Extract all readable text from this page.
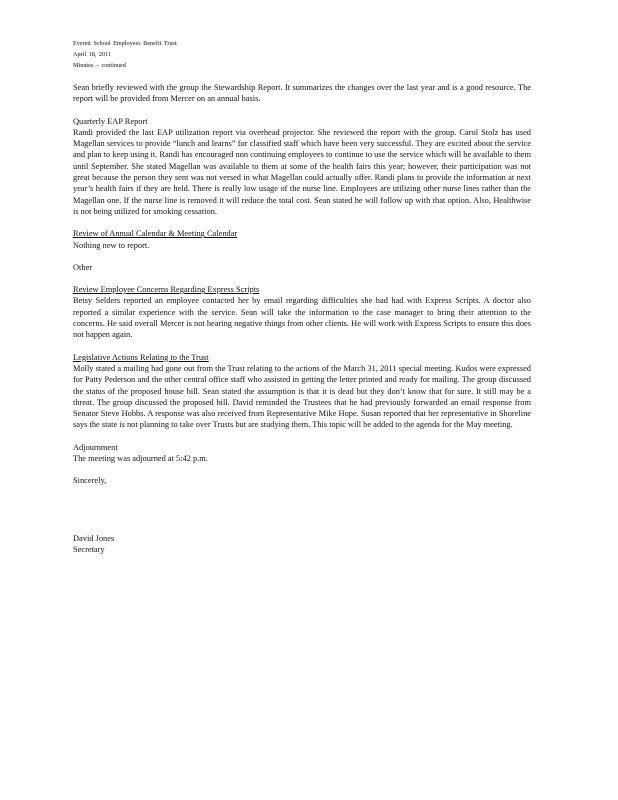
Everett School Employees Benefit Trust
April 18, 2011
Minutes – continued

Sean briefly reviewed with the group the Stewardship Report. It summarizes the changes over the last year and is a good resource. The report will be provided from Mercer on an annual basis.

Quarterly EAP Report

Randi provided the last EAP utilization report via overhead projector. She reviewed the report with the group. Carol Stolz has used Magellan services to provide “lunch and learns” for classified staff which have been very successful. They are excited about the service and plan to keep using it. Randi has encouraged non continuing employees to continue to use the service which will be available to them until September. She stated Magellan was available to them at some of the health fairs this year; however, their participation was not great because the person they sent was not versed in what Magellan could actually offer. Randi plans to provide the information at next year’s health fairs if they are held. There is really low usage of the nurse line. Employees are utilizing other nurse lines rather than the Magellan one. If the nurse line is removed it will reduce the total cost. Sean stated he will follow up with that option. Also, Healthwise is not being utilized for smoking cessation.

Review of Annual Calendar & Meeting Calendar

Nothing new to report.

Other

Review Employee Concerns Regarding Express Scripts

Betsy Selders reported an employee contacted her by email regarding difficulties she had had with Express Scripts. A doctor also reported a similar experience with the service. Sean will take the information to the case manager to bring their attention to the concerns. He said overall Mercer is not hearing negative things from other clients. He will work with Express Scripts to ensure this does not happen again.

Legislative Actions Relating to the Trust

Molly stated a mailing had gone out from the Trust relating to the actions of the March 31, 2011 special meeting. Kudos were expressed for Patty Pederson and the other central office staff who assisted in getting the letter printed and ready for mailing. The group discussed the status of the proposed house bill. Sean stated the assumption is that it is dead but they don’t know that for sure. It still may be a threat. The group discussed the proposed bill. David reminded the Trustees that he had previously forwarded an email response from Senator Steve Hobbs. A response was also received from Representative Mike Hope. Susan reported that her representative in Shoreline says the state is not planning to take over Trusts but are studying them. This topic will be added to the agenda for the May meeting.

Adjournment

The meeting was adjourned at 5:42 p.m.

Sincerely,

David Jones

Secretary
